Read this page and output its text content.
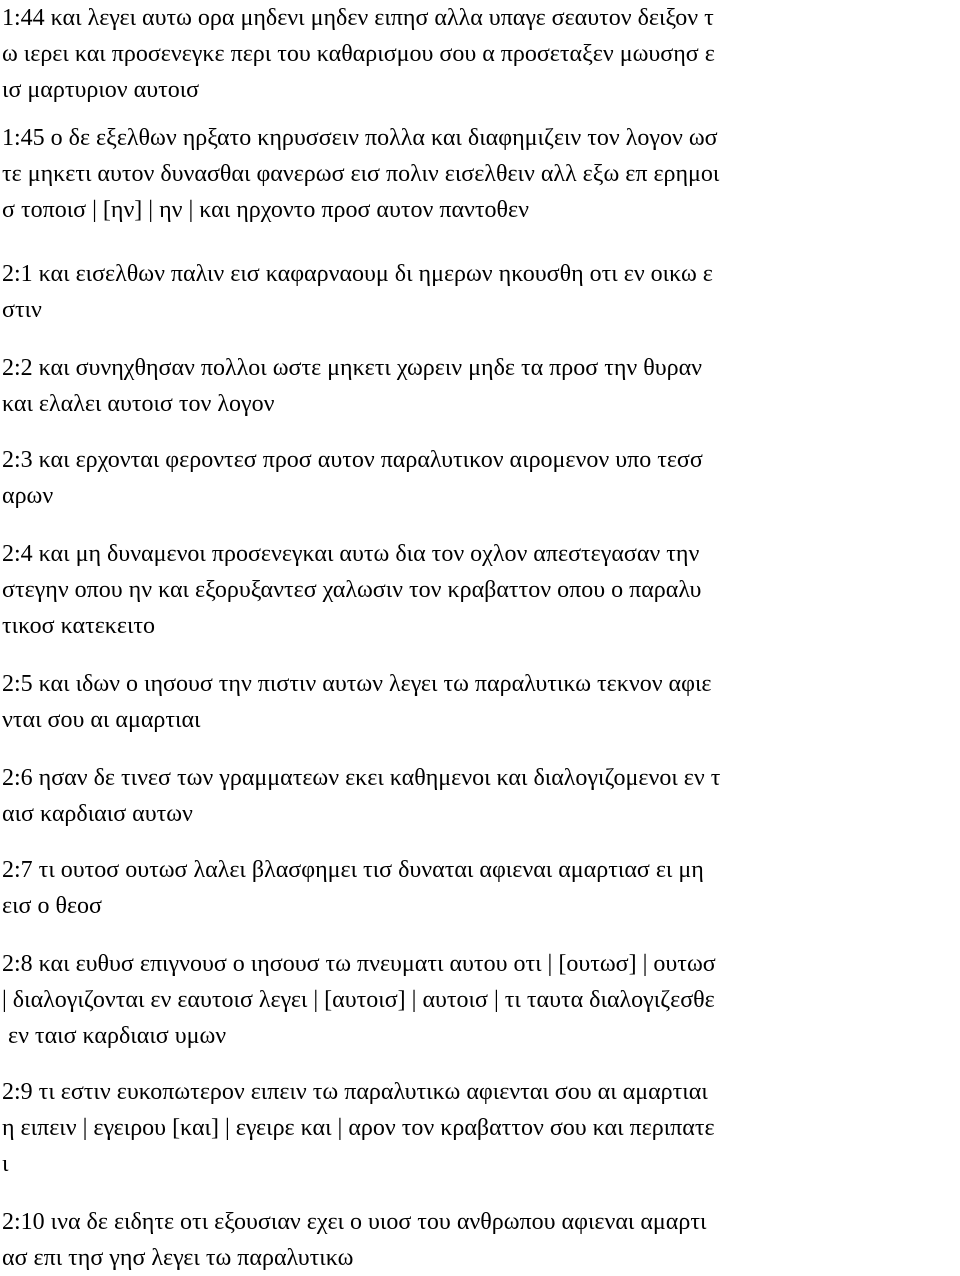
1:44 και λεγει αυτω ορα μηδενι μηδεν ειπησ αλλα υπαγε σεαυτον δειξον τ
ω ιερει και προσενεγκε περι του καθαρισμου σου α προσεταξεν μωυσησ ε
ισ μαρτυριον αυτοισ

1:45 ο δε εξελθων ηρξατο κηρυσσειν πολλα και διαφημιζειν τον λογον ωσ
τε μηκετι αυτον δυνασθαι φανερωσ εισ πολιν εισελθειν αλλ εξω επ ερημοι
σ τοποισ | [ην] | ην | και ηρχοντο προσ αυτον παντοθεν

2:1 και εισελθων παλιν εισ καφαρναουμ δι ημερων ηκουσθη οτι εν οικω ε
στιν

2:2 και συνηχθησαν πολλοι ωστε μηκετι χωρειν μηδε τα προσ την θυραν
και ελαλει αυτοισ τον λογον

2:3 και ερχονται φεροντεσ προσ αυτον παραλυτικον αιρομενον υπο τεσσ
αρων

2:4 και μη δυναμενοι προσενεγκαι αυτω δια τον οχλον απεστεγασαν την
στεγην οπου ην και εξορυξαντεσ χαλωσιν τον κραβαττον οπου ο παραλυ
τικοσ κατεκειτο

2:5 και ιδων ο ιησουσ την πιστιν αυτων λεγει τω παραλυτικω τεκνον αφιε
νται σου αι αμαρτιαι

2:6 ησαν δε τινεσ των γραμματεων εκει καθημενοι και διαλογιζομενοι εν τ
αισ καρδιαισ αυτων

2:7 τι ουτοσ ουτωσ λαλει βλασφημει τισ δυναται αφιεναι αμαρτιασ ει μη
εισ ο θεοσ

2:8 και ευθυσ επιγνουσ ο ιησουσ τω πνευματι αυτου οτι | [ουτωσ] | ουτωσ
| διαλογιζονται εν εαυτοισ λεγει | [αυτοισ] | αυτοισ | τι ταυτα διαλογιζεσθε
εν ταισ καρδιαισ υμων

2:9 τι εστιν ευκοπωτερον ειπειν τω παραλυτικω αφιενται σου αι αμαρτιαι
η ειπειν | εγειρου [και] | εγειρε και | αρον τον κραβαττον σου και περιπατε
ι

2:10 ινα δε ειδητε οτι εξουσιαν εχει ο υιοσ του ανθρωπου αφιεναι αμαρτι
ασ επι τησ γησ λεγει τω παραλυτικω
